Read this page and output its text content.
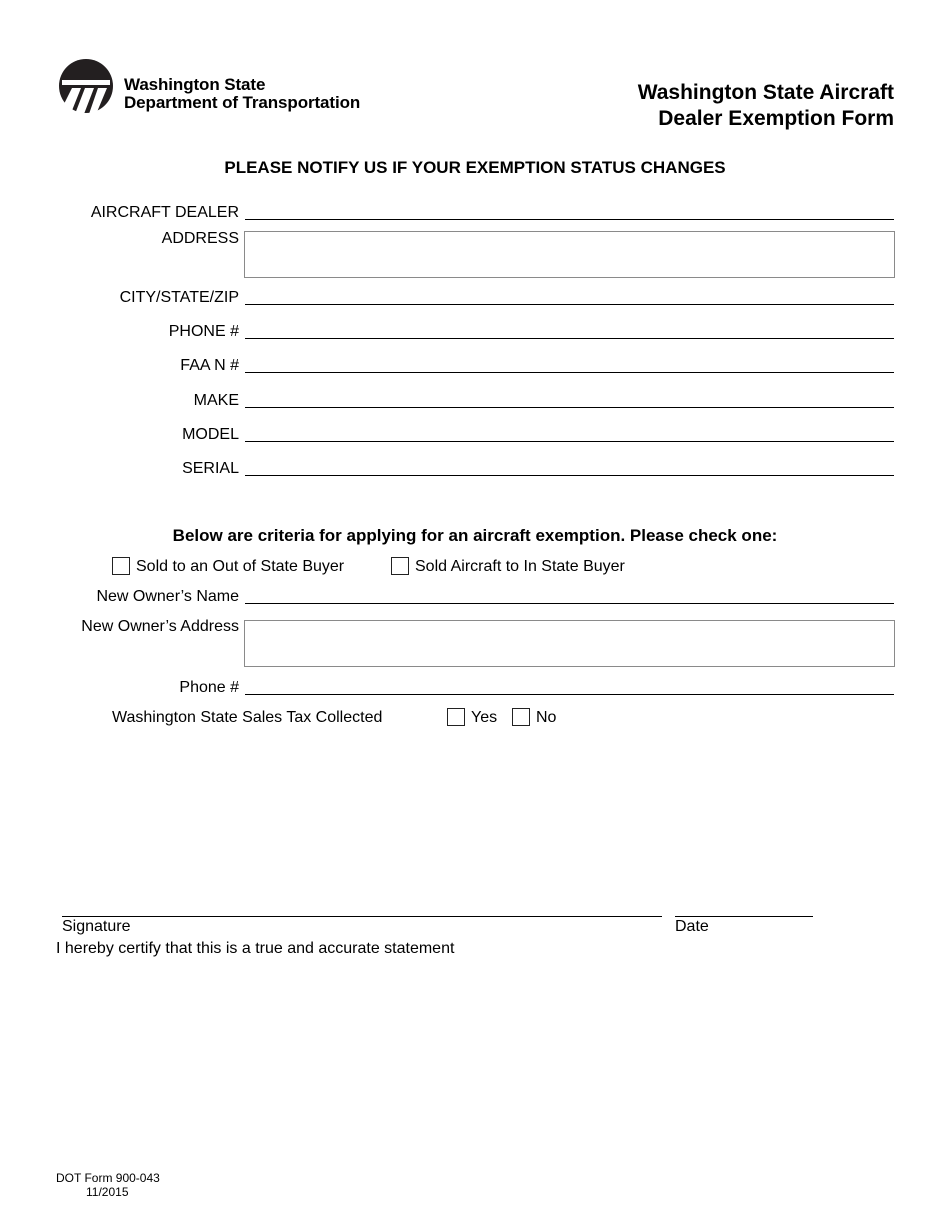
Washington State
Department of Transportation	Washington State Aircraft
Dealer Exemption Form
PLEASE NOTIFY US IF YOUR EXEMPTION STATUS CHANGES
AIRCRAFT DEALER
ADDRESS
CITY/STATE/ZIP
PHONE #
FAA N #
MAKE
MODEL
SERIAL
Below are criteria for applying for an aircraft exemption. Please check one:
Sold to an Out of State Buyer	Sold Aircraft to In State Buyer
New Owner’s Name
New Owner’s Address
Phone #
Washington State Sales Tax Collected	Yes No
Signature	Date
I hereby certify that this is a true and accurate statement
DOT Form 900-043
11/2015
